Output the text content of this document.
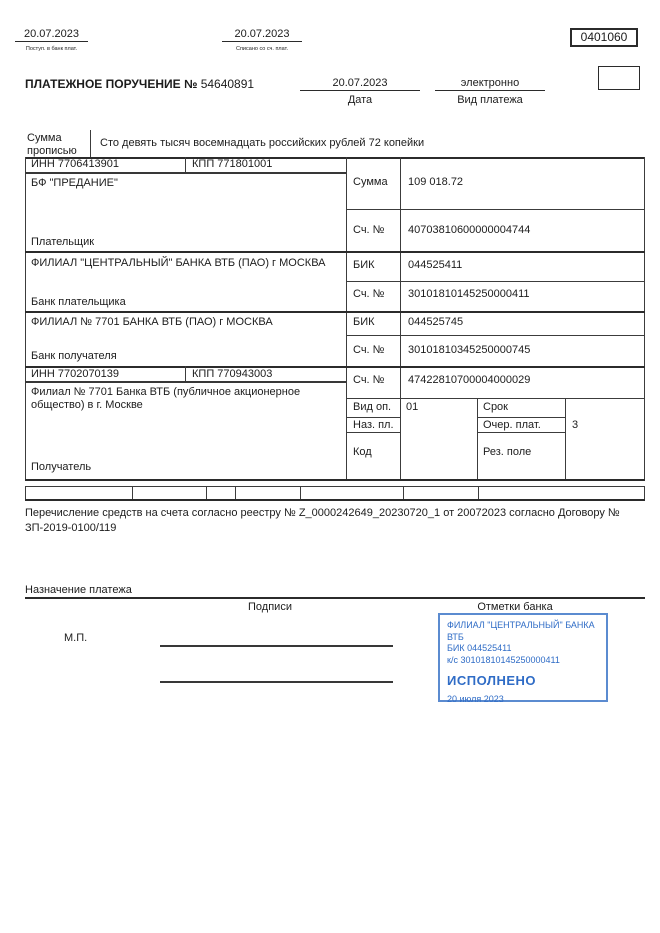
20.07.2023
Поступ. в банк плат.
20.07.2023
Списано со сч. плат.
0401060
ПЛАТЕЖНОЕ ПОРУЧЕНИЕ № 54640891	20.07.2023
Дата
электронно
Вид платежа
Сумма прописью
Сто девять тысяч восемнадцать российских рублей 72 копейки
ИНН 7706413901	КПП 771801001
БФ "ПРЕДАНИЕ"
Плательщик
Сумма 109 018.72
Сч. № 40703810600000004744
ФИЛИАЛ "ЦЕНТРАЛЬНЫЙ" БАНКА ВТБ (ПАО) г МОСКВА
Банк плательщика
БИК	044525411
Сч. № 30101810145250000411
ФИЛИАЛ № 7701 БАНКА ВТБ (ПАО) г МОСКВА
Банк получателя
БИК	044525745
Сч. № 30101810345250000745
ИНН 7702070139	КПП 770943003
Филиал № 7701 Банка ВТБ (публичное акционерное общество) в г. Москве
Получатель
Сч. № 47422810700004000029
Вид оп. 01	Срок
Наз. пл.	Очер. плат.	3
Код	Рез. поле
Перечисление средств на счета согласно реестру № Z_0000242649_20230720_1 от 20072023 согласно Договору № ЗП-2019-0100/119
Назначение платежа
Подписи	Отметки банка
М.П.
ФИЛИАЛ "ЦЕНТРАЛЬНЫЙ" БАНКА ВТБ
БИК 044525411
к/с 30101810145250000411
ИСПОЛНЕНО
20 июля 2023
